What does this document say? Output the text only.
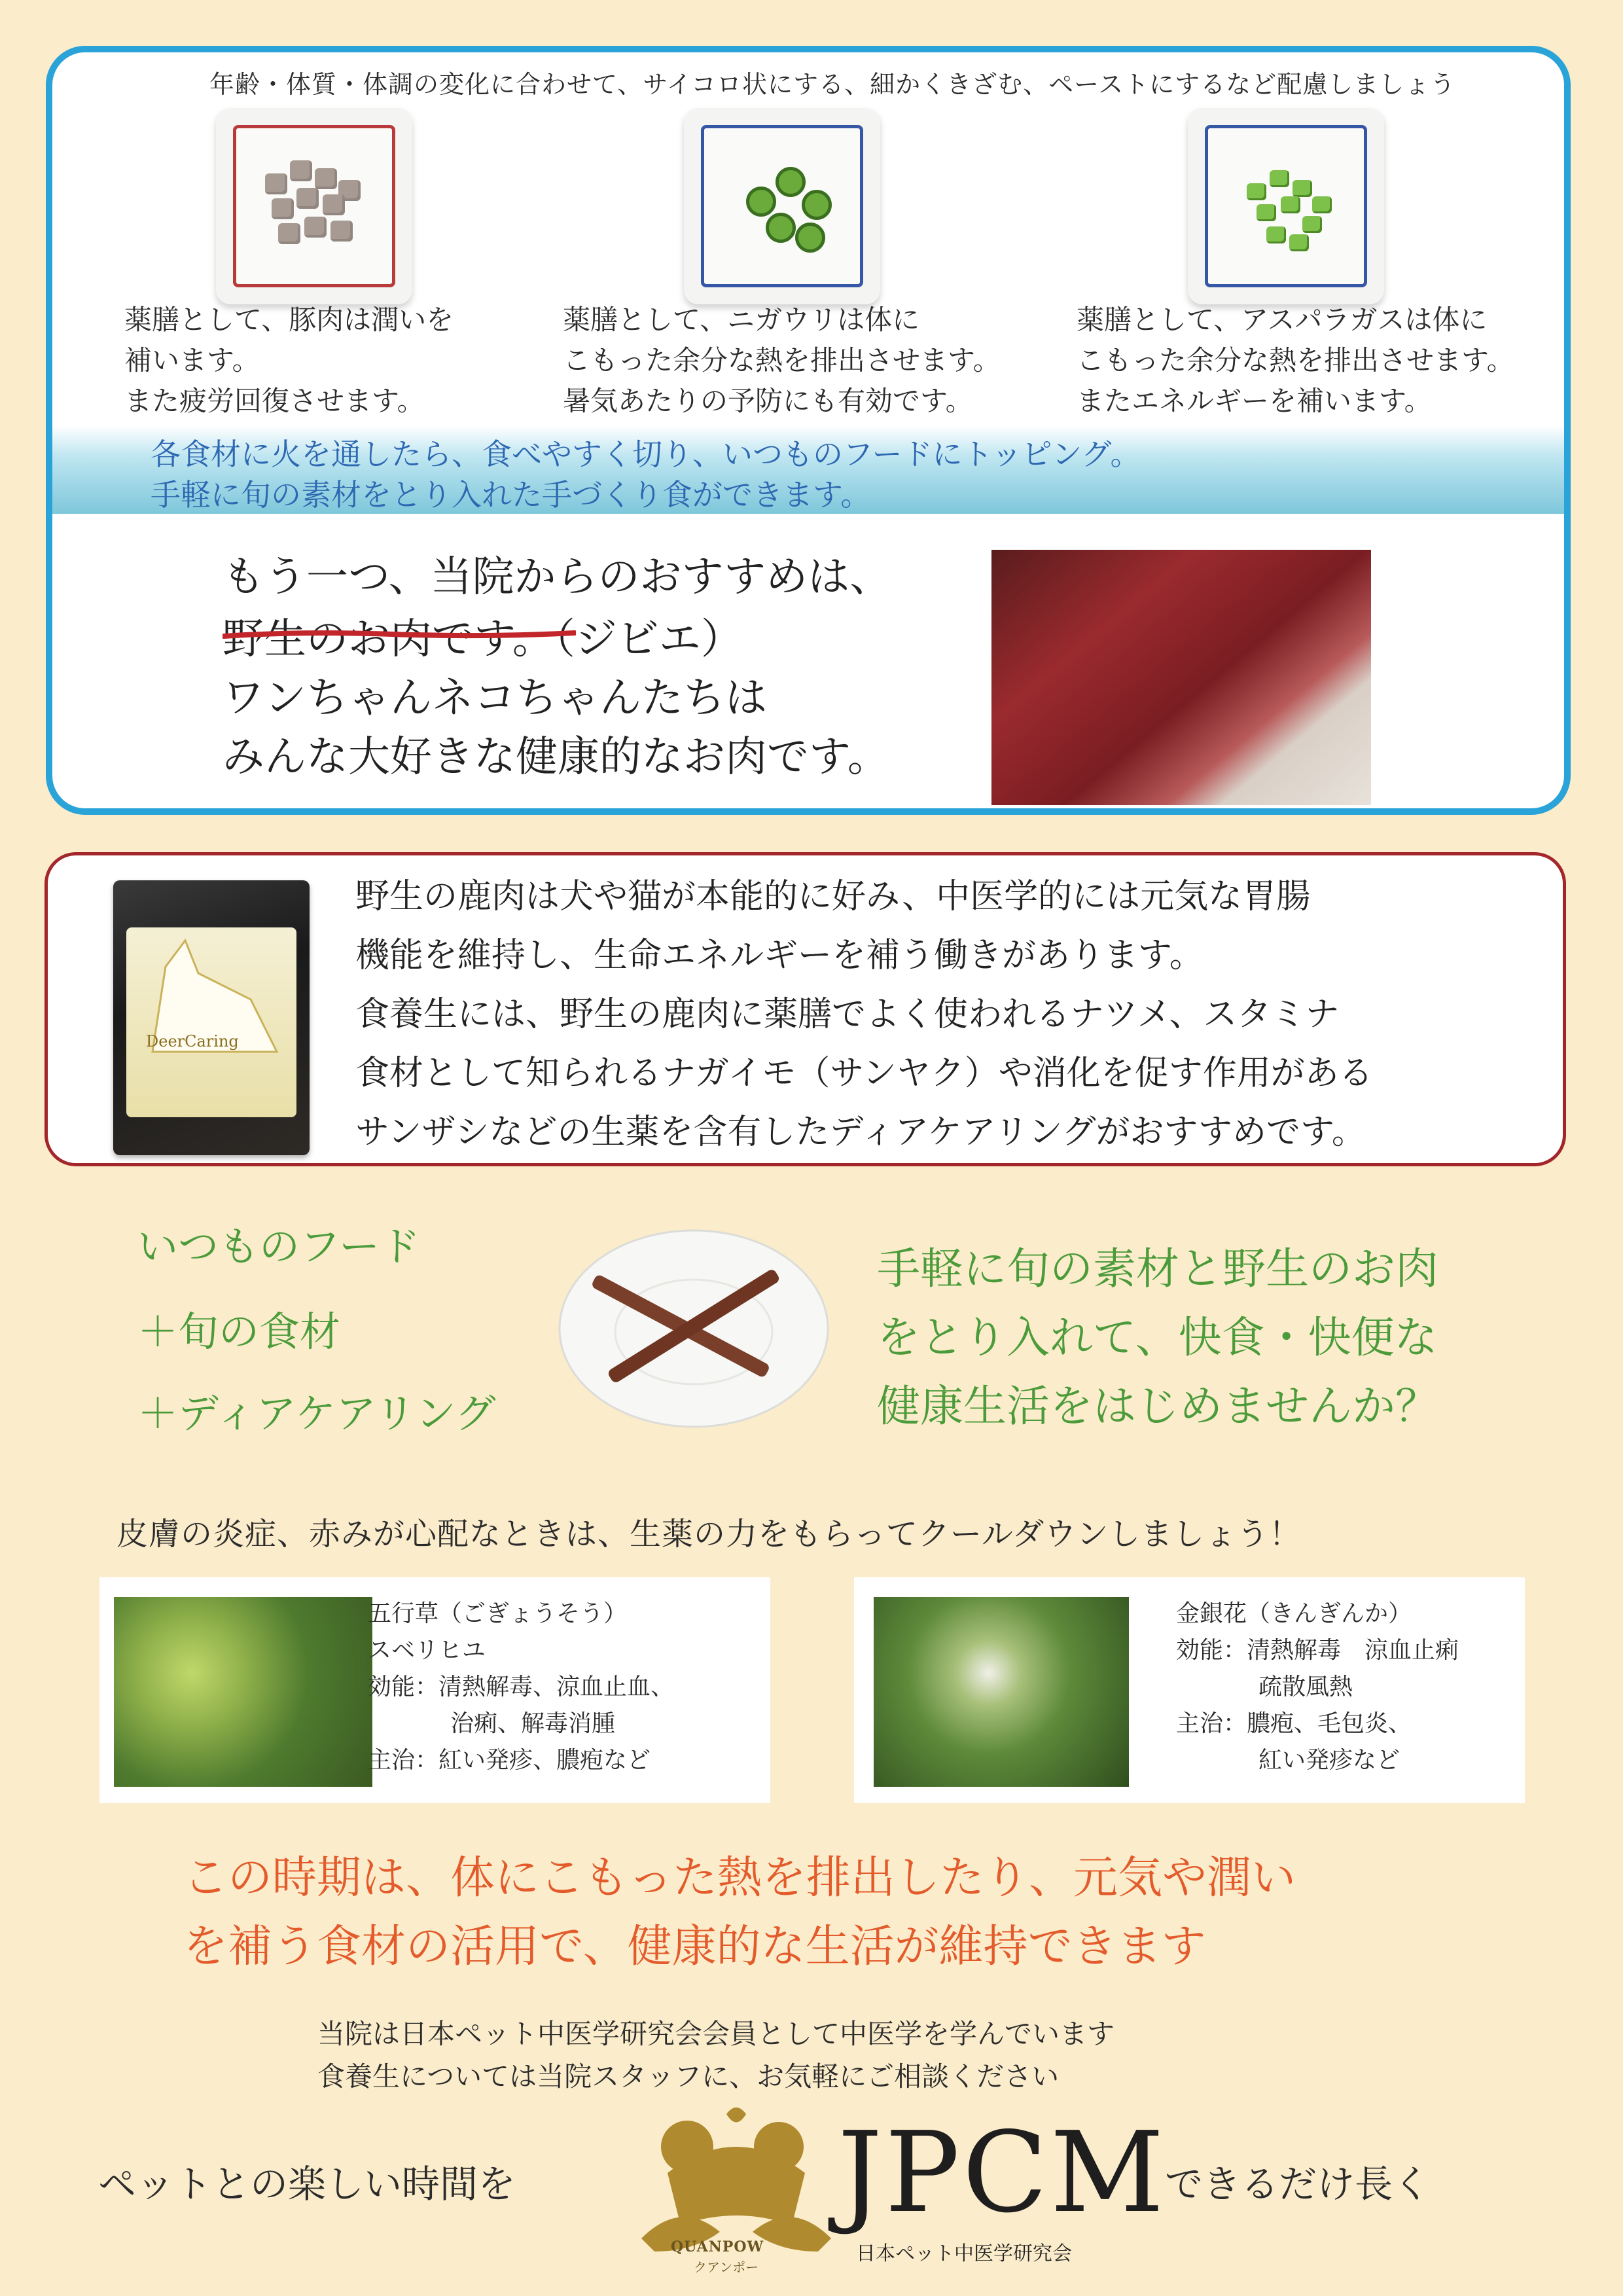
年齢・体質・体調の変化に合わせて、サイコロ状にする、細かくきざむ、ペーストにするなど配慮しましょう
薬膳として、豚肉は潤いを
補います。
また疲労回復させます。
薬膳として、ニガウリは体に
こもった余分な熱を排出させます。
暑気あたりの予防にも有効です。
薬膳として、アスパラガスは体に
こもった余分な熱を排出させます。
またエネルギーを補います。
各食材に火を通したら、食べやすく切り、いつものフードにトッピング。
手軽に旬の素材をとり入れた手づくり食ができます。
もう一つ、当院からのおすすめは、
野生のお肉です。（ジビエ）
ワンちゃんネコちゃんたちは
みんな大好きな健康的なお肉です。
DeerCaring
野生の鹿肉は犬や猫が本能的に好み、中医学的には元気な胃腸
機能を維持し、生命エネルギーを補う働きがあります。
食養生には、野生の鹿肉に薬膳でよく使われるナツメ、スタミナ
食材として知られるナガイモ（サンヤク）や消化を促す作用がある
サンザシなどの生薬を含有したディアケアリングがおすすめです。
いつものフード
＋旬の食材
＋ディアケアリング
手軽に旬の素材と野生のお肉
をとり入れて、快食・快便な
健康生活をはじめませんか？
皮膚の炎症、赤みが心配なときは、生薬の力をもらってクールダウンしましょう！
五行草（ごぎょうそう）
スベリヒユ
効能：清熱解毒、涼血止血、
治痢、解毒消腫
主治：紅い発疹、膿疱など
金銀花（きんぎんか）
効能：清熱解毒　涼血止痢
疏散風熱
主治：膿疱、毛包炎、
紅い発疹など
この時期は、体にこもった熱を排出したり、元気や潤い
を補う食材の活用で、健康的な生活が維持できます
当院は日本ペット中医学研究会会員として中医学を学んでいます
食養生については当院スタッフに、お気軽にご相談ください
ペットとの楽しい時間を
QUANPOW
クアンポー
JPCM
日本ペット中医学研究会
できるだけ長く
